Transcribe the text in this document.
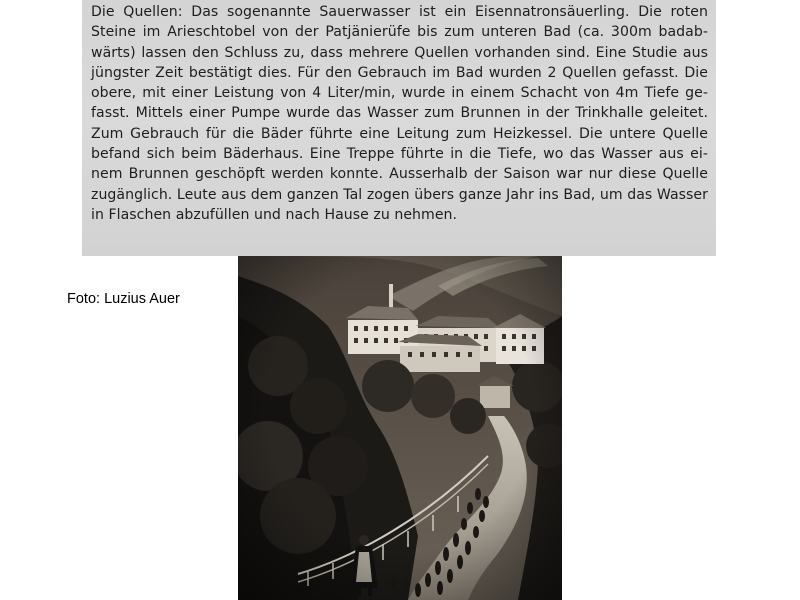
Die Quellen: Das sogenannte Sauerwasser ist ein Eisennatronsäuerling. Die roten
Steine im Arieschtobel von der Patjänierüfe bis zum unteren Bad (ca. 300m badab-
wärts) lassen den Schluss zu, dass mehrere Quellen vorhanden sind. Eine Studie aus
jüngster Zeit bestätigt dies. Für den Gebrauch im Bad wurden 2 Quellen gefasst. Die
obere, mit einer Leistung von 4 Liter/min, wurde in einem Schacht von 4m Tiefe ge-
fasst. Mittels einer Pumpe wurde das Wasser zum Brunnen in der Trinkhalle geleitet.
Zum Gebrauch für die Bäder führte eine Leitung zum Heizkessel. Die untere Quelle
befand sich beim Bäderhaus. Eine Treppe führte in die Tiefe, wo das Wasser aus ei-
nem Brunnen geschöpft werden konnte. Ausserhalb der Saison war nur diese Quelle
zugänglich. Leute aus dem ganzen Tal zogen übers ganze Jahr ins Bad, um das Wasser
in Flaschen abzufüllen und nach Hause zu nehmen.

Foto: Luzius Auer
